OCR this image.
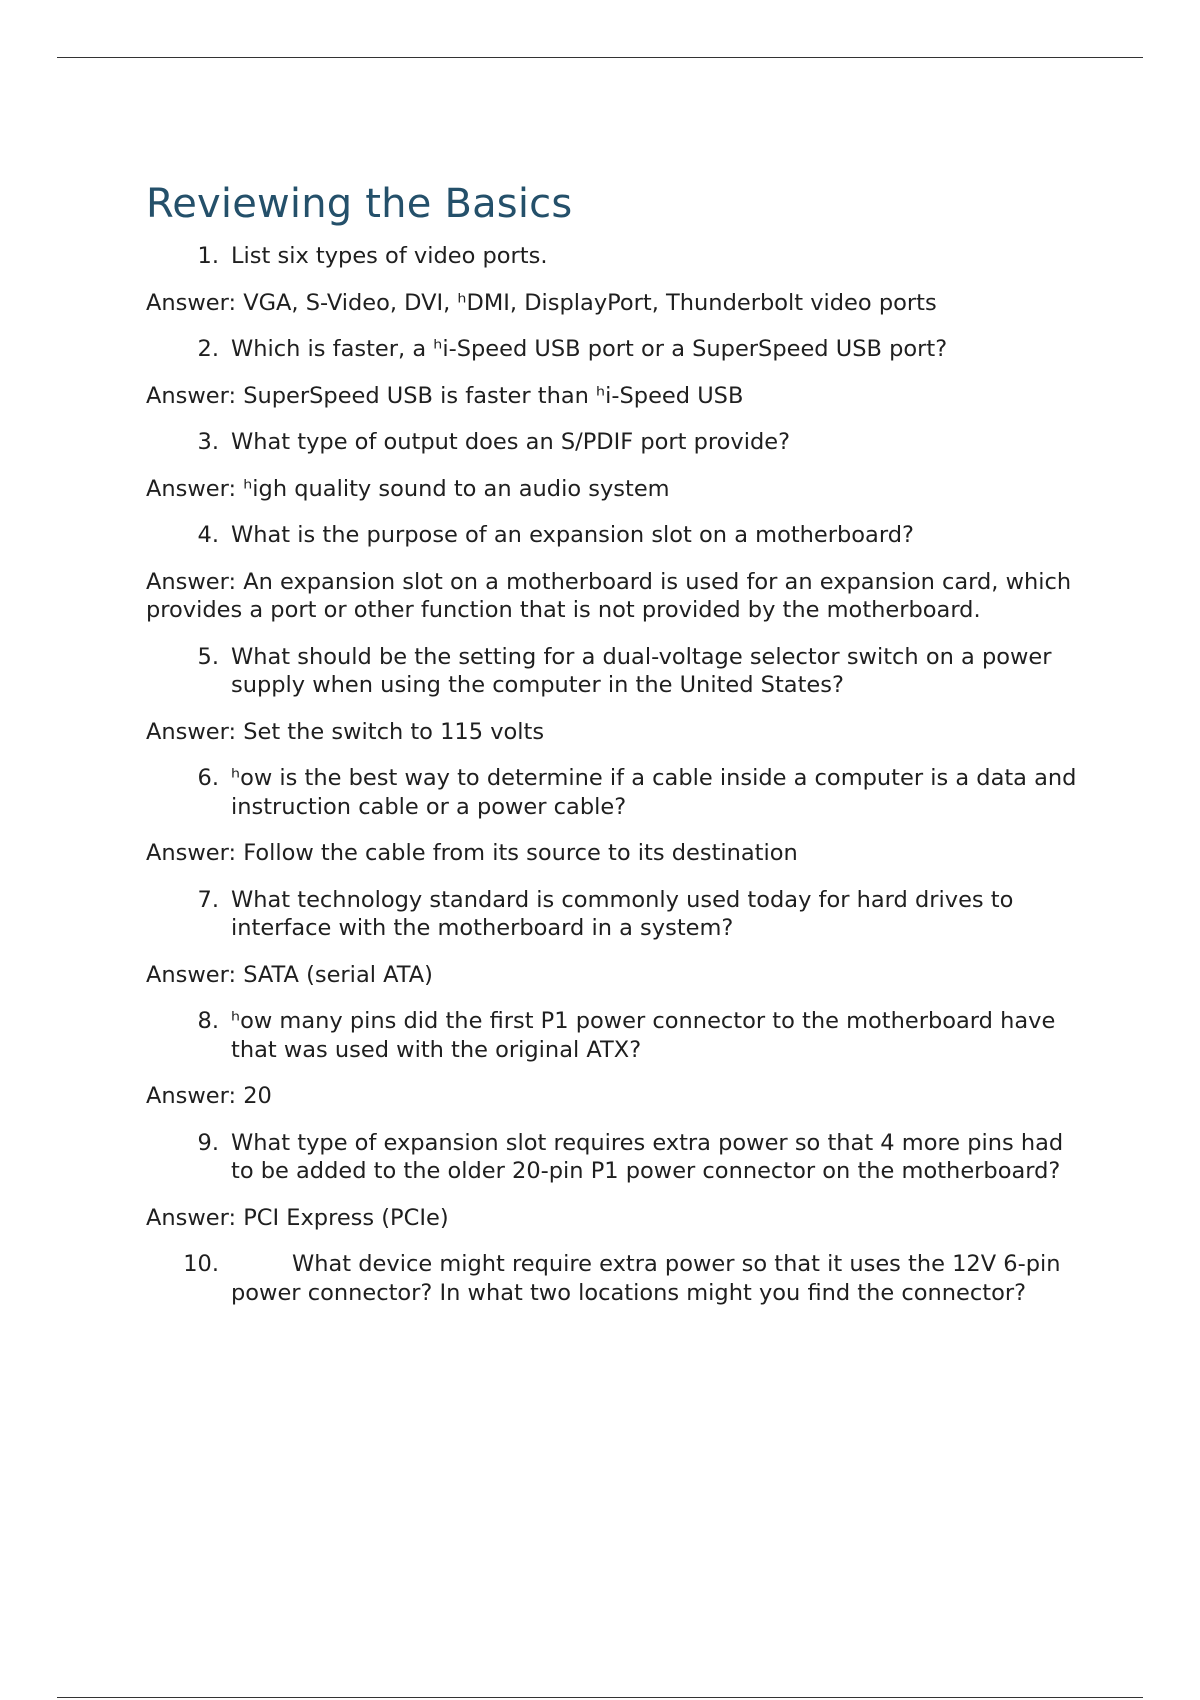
Reviewing the Basics
1. List six types of video ports.
Answer: VGA, S-Video, DVI, ʰDMI, DisplayPort, Thunderbolt video ports
2. Which is faster, a ʰi-Speed USB port or a SuperSpeed USB port?
Answer: SuperSpeed USB is faster than ʰi-Speed USB
3. What type of output does an S/PDIF port provide?
Answer: ʰigh quality sound to an audio system
4. What is the purpose of an expansion slot on a motherboard?
Answer: An expansion slot on a motherboard is used for an expansion card, which provides a port or other function that is not provided by the motherboard.
5. What should be the setting for a dual-voltage selector switch on a power supply when using the computer in the United States?
Answer: Set the switch to 115 volts
6. ʰow is the best way to determine if a cable inside a computer is a data and instruction cable or a power cable?
Answer: Follow the cable from its source to its destination
7. What technology standard is commonly used today for hard drives to interface with the motherboard in a system?
Answer: SATA (serial ATA)
8. ʰow many pins did the first P1 power connector to the motherboard have that was used with the original ATX?
Answer: 20
9. What type of expansion slot requires extra power so that 4 more pins had to be added to the older 20-pin P1 power connector on the motherboard?
Answer: PCI Express (PCIe)
10.	What device might require extra power so that it uses the 12V 6-pin power connector? In what two locations might you find the connector?
